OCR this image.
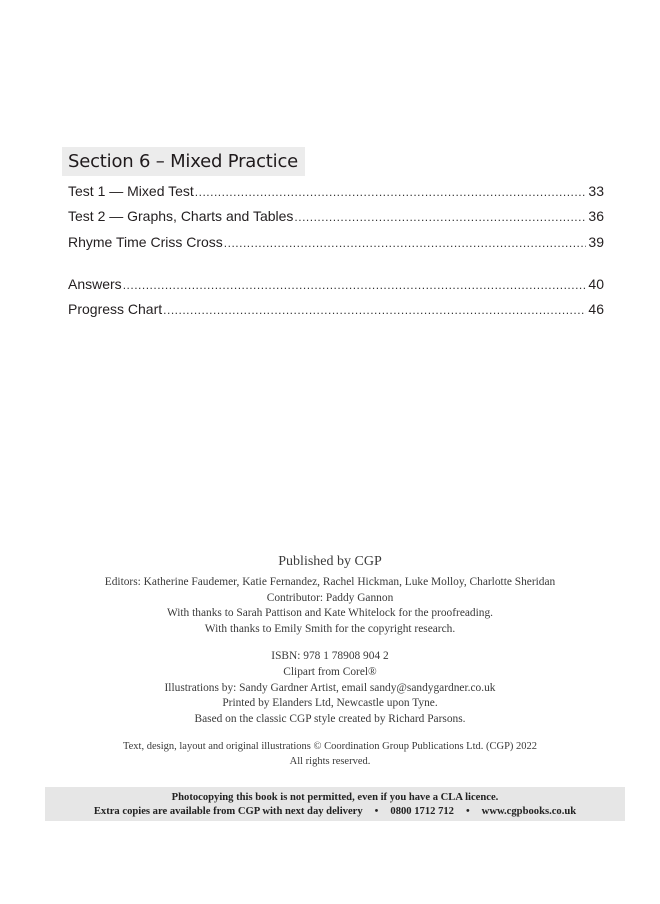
Section 6 – Mixed Practice
Test 1 — Mixed Test .....	33
Test 2 — Graphs, Charts and Tables .....	36
Rhyme Time Criss Cross .....	39
Answers .....	40
Progress Chart .....	46
Published by CGP
Editors: Katherine Faudemer, Katie Fernandez, Rachel Hickman, Luke Molloy, Charlotte Sheridan
Contributor: Paddy Gannon
With thanks to Sarah Pattison and Kate Whitelock for the proofreading.
With thanks to Emily Smith for the copyright research.
ISBN: 978 1 78908 904 2
Clipart from Corel®
Illustrations by: Sandy Gardner Artist, email sandy@sandygardner.co.uk
Printed by Elanders Ltd, Newcastle upon Tyne.
Based on the classic CGP style created by Richard Parsons.
Text, design, layout and original illustrations © Coordination Group Publications Ltd. (CGP) 2022
All rights reserved.
Photocopying this book is not permitted, even if you have a CLA licence.
Extra copies are available from CGP with next day delivery	•	0800 1712 712	•	www.cgpbooks.co.uk
